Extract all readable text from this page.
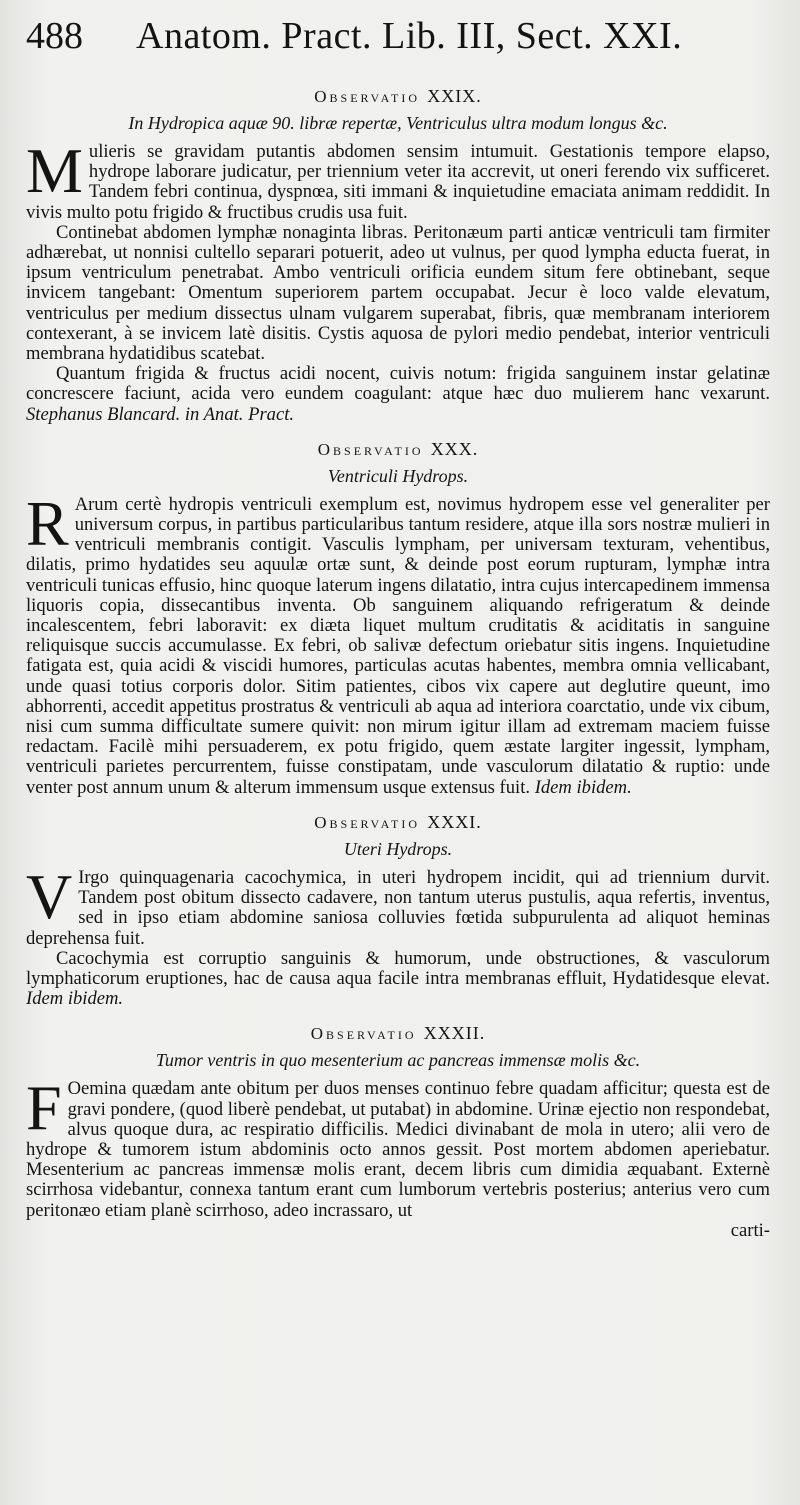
488	Anatom. Pract. Lib. III, Sect. XXI.
Observatio XXIX.
In Hydropica aquæ 90. libræ repertæ, Ventriculus ultra modum longus &c.

Mulieris se gravidam putantis abdomen sensim intumuit. Gestationis tempore elapso, hydrope laborare judicatur, per triennium veter ita accrevit, ut oneri ferendo vix sufficeret. Tandem febri continua, dyspnœa, siti immani & inquietudine emaciata animam reddidit. In vivis multo potu frigido & fructibus crudis usa fuit.

Continebat abdomen lymphæ nonaginta libras. Peritonæum parti anticæ ventriculi tam firmiter adhærebat, ut nonnisi cultello separari potuerit, adeo ut vulnus, per quod lympha educta fuerat, in ipsum ventriculum penetrabat. Ambo ventriculi orificia eundem situm fere obtinebant, seque invicem tangebant: Omentum superiorem partem occupabat. Jecur è loco valde elevatum, ventriculus per medium dissectus ulnam vulgarem superabat, fibris, quæ membranam interiorem contexerant, à se invicem latè disitis. Cystis aquosa de pylori medio pendebat, interior ventriculi membrana hydatidibus scatebat.

Quantum frigida & fructus acidi nocent, cuivis notum: frigida sanguinem instar gelatinæ concrescere faciunt, acida vero eundem coagulant: atque hæc duo mulierem hanc vexarunt. Stephanus Blancard. in Anat. Pract.

Observatio XXX.
Ventriculi Hydrops.

R Arum certè hydropis ventriculi exemplum est, novimus hydropem esse vel generaliter per universum corpus, in partibus particularibus tantum residere, atque illa sors nostræ mulieri in ventriculi membranis contigit. Vasculis lympham, per universam texturam, vehentibus, dilatis, primo hydatides seu aquulæ ortæ sunt, & deinde post eorum rupturam, lymphæ intra ventriculi tunicas effusio, hinc quoque laterum ingens dilatatio, intra cujus intercapedinem immensa liquoris copia, dissecantibus inventa. Ob sanguinem aliquando refrigeratum & deinde incalescentem, febri laboravit: ex diæta liquet multum cruditatis & aciditatis in sanguine reliquisque succis accumulasse. Ex febri, ob salivæ defectum oriebatur sitis ingens. Inquietudine fatigata est, quia acidi & viscidi humores, particulas acutas habentes, membra omnia vellicabant, unde quasi totius corporis dolor. Sitim patientes, cibos vix capere aut deglutire queunt, imo abhorrenti, accedit appetitus prostratus & ventriculi ab aqua ad interiora coarctatio, unde vix cibum, nisi cum summa difficultate sumere quivit: non mirum igitur illam ad extremam maciem fuisse redactam. Facilè mihi persuaderem, ex potu frigido, quem æstate largiter ingessit, lympham, ventriculi parietes percurrentem, fuisse constipatam, unde vasculorum dilatatio & ruptio: unde venter post annum unum & alterum immensum usque extensus fuit. Idem ibidem.

Observatio XXXI.
Uteri Hydrops.

V Irgo quinquagenaria cacochymica, in uteri hydropem incidit, qui ad triennium durvit. Tandem post obitum dissecto cadavere, non tantum uterus pustulis, aqua refertis, inventus, sed in ipso etiam abdomine saniosa colluvies fœtida subpurulenta ad aliquot heminas deprehensa fuit.

Cacochymia est corruptio sanguinis & humorum, unde obstructiones, & vasculorum lymphaticorum eruptiones, hac de causa aqua facile intra membranas effluit, Hydatidesque elevat. Idem ibidem.

Observatio XXXII.
Tumor ventris in quo mesenterium ac pancreas immensæ molis &c.

F Oemina quædam ante obitum per duos menses continuo febre quadam afficitur; questa est de gravi pondere, (quod liberè pendebat, ut putabat) in abdomine. Urinæ ejectio non respondebat, alvus quoque dura, ac respiratio difficilis. Medici divinabant de mola in utero; alii vero de hydrope & tumorem istum abdominis octo annos gessit. Post mortem abdomen aperiebatur. Mesenterium ac pancreas immensæ molis erant, decem libris cum dimidia æquabant. Externè scirrhosa videbantur, connexa tantum erant cum lumborum vertebris posterius; anterius vero cum peritonæo etiam planè scirrhoso, adeo incrassaro, ut

carti-
